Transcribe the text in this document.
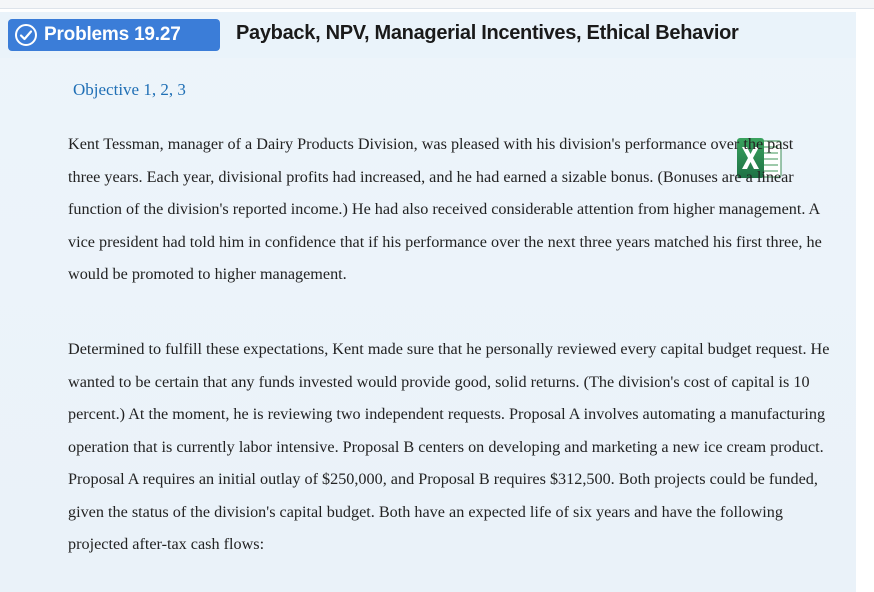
Problems 19.27	Payback, NPV, Managerial Incentives, Ethical Behavior
Objective 1, 2, 3

Kent Tessman, manager of a Dairy Products Division, was pleased with his division's performance over the past three years. Each year, divisional profits had increased, and he had earned a sizable bonus. (Bonuses are a linear function of the division's reported income.) He had also received considerable attention from higher management. A vice president had told him in confidence that if his performance over the next three years matched his first three, he would be promoted to higher management.

Determined to fulfill these expectations, Kent made sure that he personally reviewed every capital budget request. He wanted to be certain that any funds invested would provide good, solid returns. (The division's cost of capital is 10 percent.) At the moment, he is reviewing two independent requests. Proposal A involves automating a manufacturing operation that is currently labor intensive. Proposal B centers on developing and marketing a new ice cream product. Proposal A requires an initial outlay of $250,000, and Proposal B requires $312,500. Both projects could be funded, given the status of the division's capital budget. Both have an expected life of six years and have the following projected after-tax cash flows:
